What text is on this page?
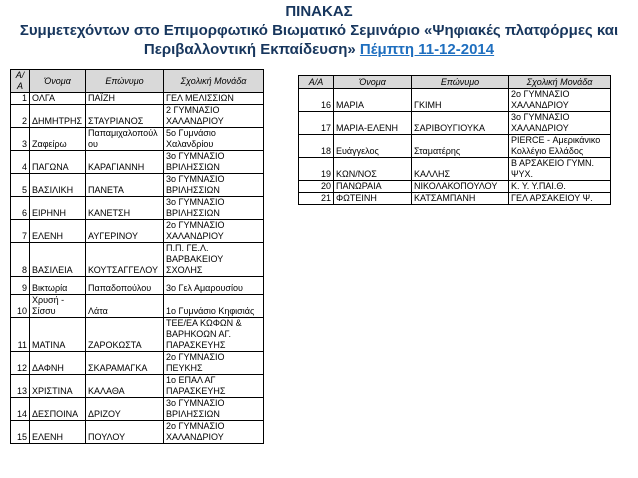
ΠΙΝΑΚΑΣ
Συμμετεχόντων στο Επιμορφωτικό Βιωματικό Σεμινάριο «Ψηφιακές πλατφόρμες και
Περιβαλλοντική Εκπαίδευση» Πέμπτη 11-12-2014
Α/Α	Όνομα	Επώνυμο	Σχολική Μονάδα
1	ΟΛΓΑ	ΠΑΪΖΗ	ΓΕΛ ΜΕΛΙΣΣΙΩΝ
2	ΔΗΜΗΤΡΗΣ	ΣΤΑΥΡΙΑΝΟΣ	2 ΓΥΜΝΑΣΙΟ ΧΑΛΑΝΔΡΙΟΥ
3	Ζαφείρω	Παπαμιχαλοπούλου	5ο Γυμνάσιο Χαλανδρίου
4	ΠΑΓΩΝΑ	ΚΑΡΑΓΙΑΝΝΗ	3ο ΓΥΜΝΑΣΙΟ ΒΡΙΛΗΣΣΙΩΝ
5	ΒΑΣΙΛΙΚΗ	ΠΑΝΕΤΑ	3ο ΓΥΜΝΑΣΙΟ ΒΡΙΛΗΣΣΙΩΝ
6	ΕΙΡΗΝΗ	ΚΑΝΕΤΣΗ	3ο ΓΥΜΝΑΣΙΟ ΒΡΙΛΗΣΣΙΩΝ
7	ΕΛΕΝΗ	ΑΥΓΕΡΙΝΟΥ	2ο ΓΥΜΝΑΣΙΟ ΧΑΛΑΝΔΡΙΟΥ
8	ΒΑΣΙΛΕΙΑ	ΚΟΥΤΣΑΓΓΕΛΟΥ	Π.Π. ΓΕ.Λ. ΒΑΡΒΑΚΕΙΟΥ ΣΧΟΛΗΣ
9	Βικτωρία	Παπαδοπούλου	3ο Γελ Αμαρουσίου
10	Χρυσή - Σίσσυ	Λάτα	1ο Γυμνάσιο Κηφισιάς
11	ΜΑΤΙΝΑ	ΖΑΡΟΚΩΣΤΑ	ΤΕΕ/ΕΑ ΚΩΦΩΝ & ΒΑΡΗΚΟΩΝ ΑΓ. ΠΑΡΑΣΚΕΥΗΣ
12	ΔΑΦΝΗ	ΣΚΑΡΑΜΑΓΚΑ	2ο ΓΥΜΝΑΣΙΟ ΠΕΥΚΗΣ
13	ΧΡΙΣΤΙΝΑ	ΚΑΛΑΘΑ	1ο ΕΠΑΛ ΑΓ ΠΑΡΑΣΚΕΥΗΣ
14	ΔΕΣΠΟΙΝΑ	ΔΡΙΖΟΥ	3ο ΓΥΜΝΑΣΙΟ ΒΡΙΛΗΣΣΙΩΝ
15	ΕΛΕΝΗ	ΠΟΥΛΟΥ	2ο ΓΥΜΝΑΣΙΟ ΧΑΛΑΝΔΡΙΟΥ
Α/Α	Όνομα	Επώνυμο	Σχολική Μονάδα
16	ΜΑΡΙΑ	ΓΚΙΜΗ	2ο ΓΥΜΝΑΣΙΟ ΧΑΛΑΝΔΡΙΟΥ
17	ΜΑΡΙΑ-ΕΛΕΝΗ	ΣΑΡΙΒΟΥΓΙΟΥΚΑ	3ο ΓΥΜΝΑΣΙΟ ΧΑΛΑΝΔΡΙΟΥ
18	Ευάγγελος	Σταματέρης	PIERCE - Αμερικάνικο Κολλέγιο Ελλάδος
19	ΚΩΝ/ΝΟΣ	ΚΑΛΛΗΣ	Β ΑΡΣΑΚΕΙΟ ΓΥΜΝ. ΨΥΧ.
20	ΠΑΝΩΡΑΙΑ	ΝΙΚΟΛΑΚΟΠΟΥΛΟΥ	Κ. Υ. Υ.ΠΑΙ.Θ.
21	ΦΩΤΕΙΝΗ	ΚΑΤΣΑΜΠΑΝΗ	ΓΕΛ ΑΡΣΑΚΕΙΟΥ Ψ.
